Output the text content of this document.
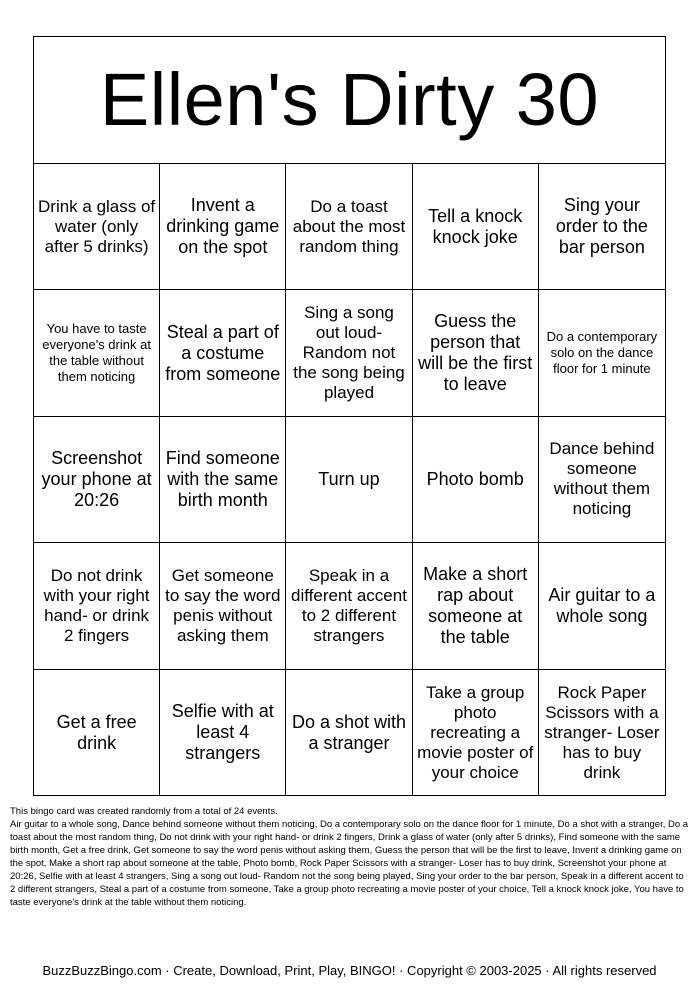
Ellen's Dirty 30
Drink a glass of water (only after 5 drinks)
Invent a drinking game on the spot
Do a toast about the most random thing
Tell a knock knock joke
Sing your order to the bar person
You have to taste everyone's drink at the table without them noticing
Steal a part of a costume from someone
Sing a song out loud- Random not the song being played
Guess the person that will be the first to leave
Do a contemporary solo on the dance floor for 1 minute
Screenshot your phone at 20:26
Find someone with the same birth month
Turn up	Photo bomb
Dance behind someone without them noticing
Do not drink with your right hand- or drink 2 fingers
Get someone to say the word penis without asking them
Speak in a different accent to 2 different strangers
Make a short rap about someone at the table
Air guitar to a whole song
Get a free drink
Selfie with at least 4 strangers
Do a shot with a stranger
Take a group photo recreating a movie poster of your choice
Rock Paper Scissors with a stranger- Loser has to buy drink
This bingo card was created randomly from a total of 24 events.
Air guitar to a whole song, Dance behind someone without them noticing, Do a contemporary solo on the dance floor for 1 minute, Do a shot with a stranger, Do a toast about the most random thing, Do not drink with your right hand- or drink 2 fingers, Drink a glass of water (only after 5 drinks), Find someone with the same birth month, Get a free drink, Get someone to say the word penis without asking them, Guess the person that will be the first to leave, Invent a drinking game on the spot, Make a short rap about someone at the table, Photo bomb, Rock Paper Scissors with a stranger- Loser has to buy drink, Screenshot your phone at 20:26, Selfie with at least 4 strangers, Sing a song out loud- Random not the song being played, Sing your order to the bar person, Speak in a different accent to 2 different strangers, Steal a part of a costume from someone, Take a group photo recreating a movie poster of your choice, Tell a knock knock joke, You have to taste everyone's drink at the table without them noticing.
BuzzBuzzBingo.com · Create, Download, Print, Play, BINGO! · Copyright © 2003-2025 · All rights reserved
